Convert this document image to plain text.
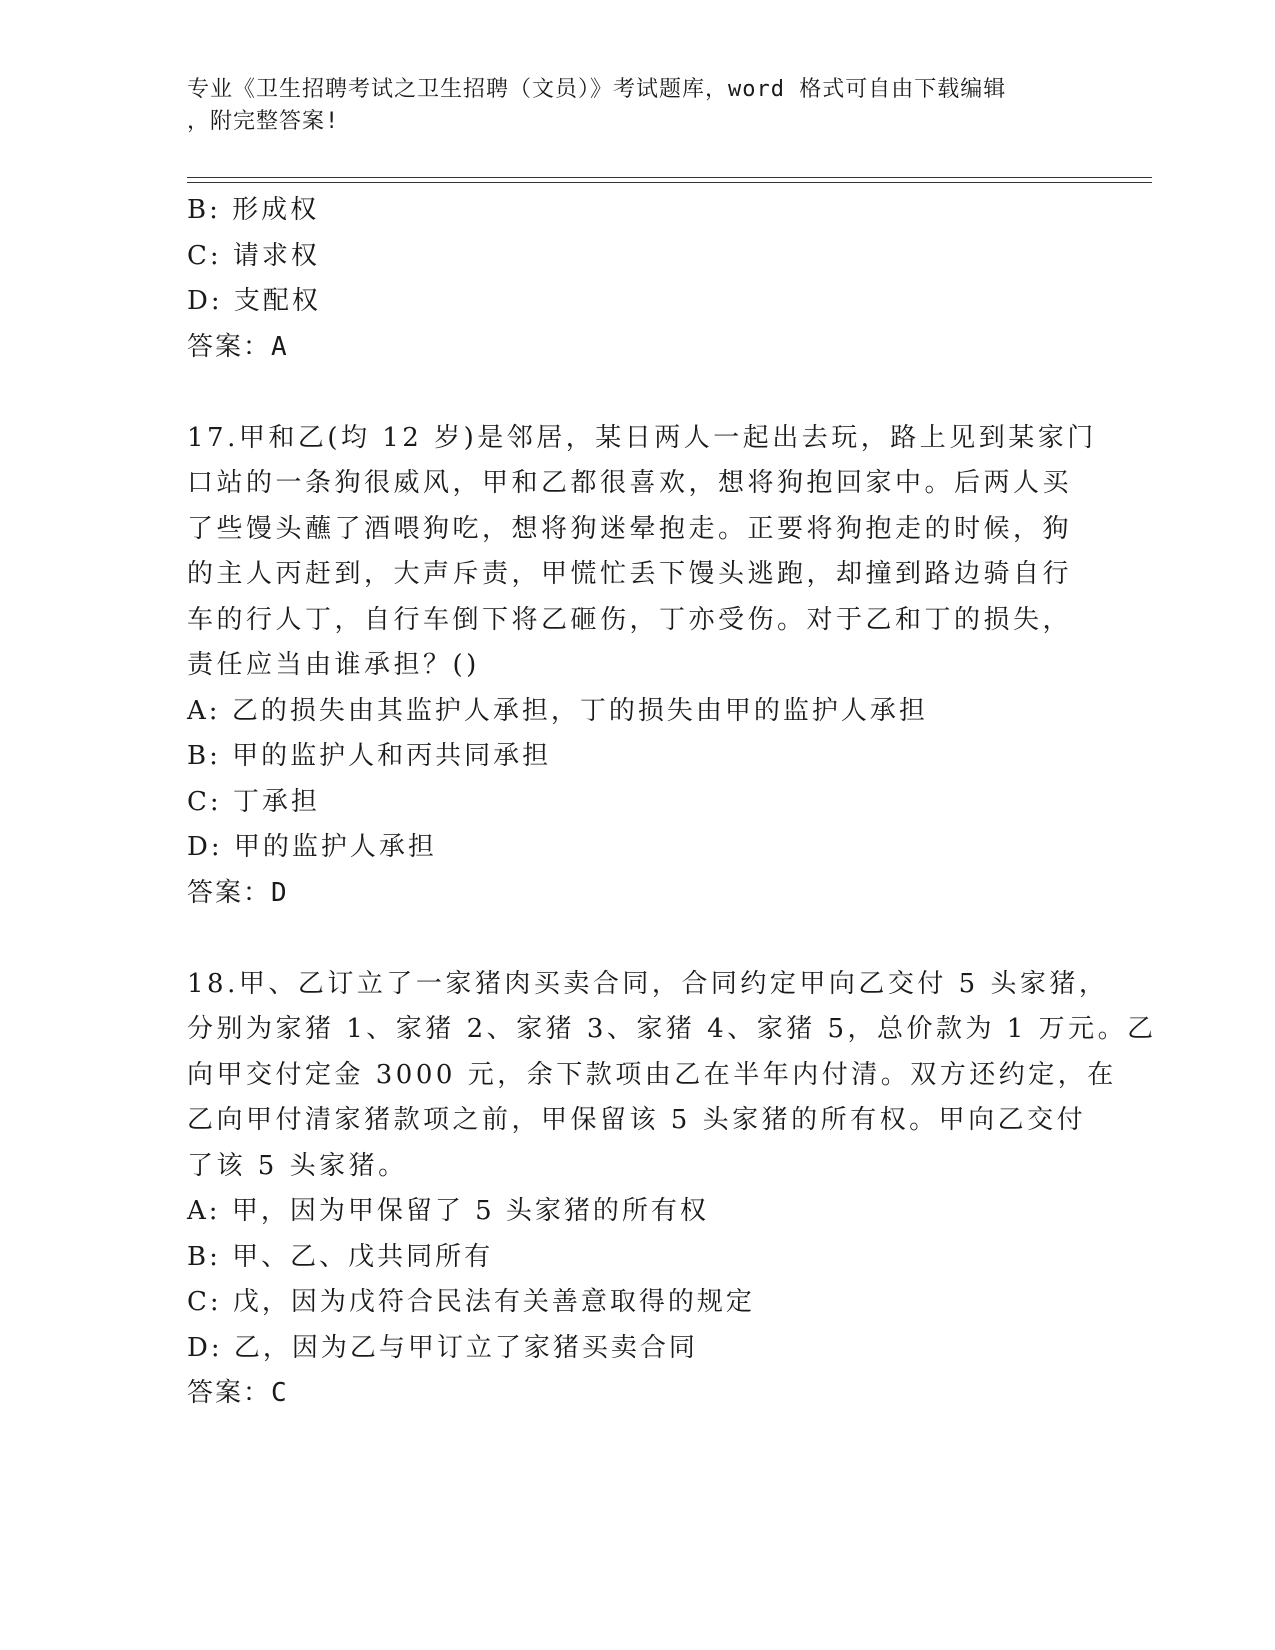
专业《卫生招聘考试之卫生招聘（文员）》考试题库，word 格式可自由下载编辑
，附完整答案!
B: 形成权
C: 请求权
D: 支配权
答案：A
17.甲和乙(均 12 岁)是邻居，某日两人一起出去玩，路上见到某家门
口站的一条狗很威风，甲和乙都很喜欢，想将狗抱回家中。后两人买
了些馒头蘸了酒喂狗吃，想将狗迷晕抱走。正要将狗抱走的时候，狗
的主人丙赶到，大声斥责，甲慌忙丢下馒头逃跑，却撞到路边骑自行
车的行人丁，自行车倒下将乙砸伤，丁亦受伤。对于乙和丁的损失，
责任应当由谁承担？()
A: 乙的损失由其监护人承担，丁的损失由甲的监护人承担
B: 甲的监护人和丙共同承担
C: 丁承担
D: 甲的监护人承担
答案：D
18.甲、乙订立了一家猪肉买卖合同，合同约定甲向乙交付 5 头家猪，
分别为家猪 1、家猪 2、家猪 3、家猪 4、家猪 5，总价款为 1 万元。乙
向甲交付定金 3000 元，余下款项由乙在半年内付清。双方还约定，在
乙向甲付清家猪款项之前，甲保留该 5 头家猪的所有权。甲向乙交付
了该 5 头家猪。
A: 甲，因为甲保留了 5 头家猪的所有权
B: 甲、乙、戊共同所有
C: 戊，因为戊符合民法有关善意取得的规定
D: 乙，因为乙与甲订立了家猪买卖合同
答案：C
